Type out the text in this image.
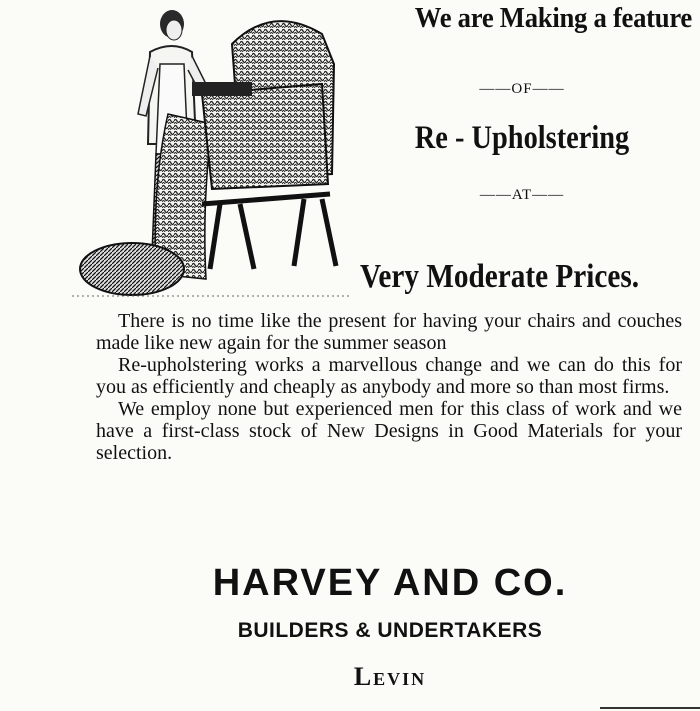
We are Making a feature
——OF——
Re - Upholstering
——AT——
Very Moderate Prices.

There is no time like the present for having your chairs and couches made like new again for the summer season

Re-upholstering works a marvellous change and we can do this for you as efficiently and cheaply as anybody and more so than most firms.

We employ none but experienced men for this class of work and we have a first-class stock of New Designs in Good Materials for your selection.

HARVEY AND CO.
BUILDERS & UNDERTAKERS
Levin
